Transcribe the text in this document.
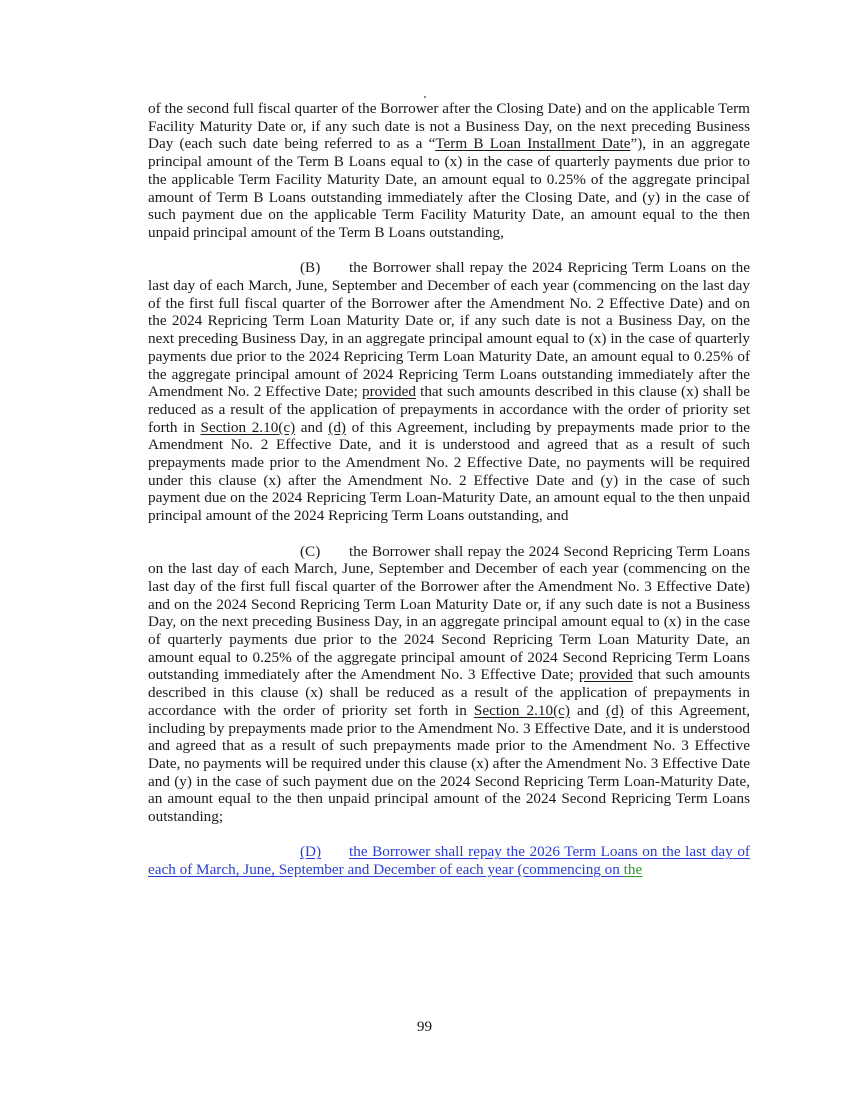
of the second full fiscal quarter of the Borrower after the Closing Date) and on the applicable Term Facility Maturity Date or, if any such date is not a Business Day, on the next preceding Business Day (each such date being referred to as a “Term B Loan Installment Date”), in an aggregate principal amount of the Term B Loans equal to (x) in the case of quarterly payments due prior to the applicable Term Facility Maturity Date, an amount equal to 0.25% of the aggregate principal amount of Term B Loans outstanding immediately after the Closing Date, and (y) in the case of such payment due on the applicable Term Facility Maturity Date, an amount equal to the then unpaid principal amount of the Term B Loans outstanding,

(B) the Borrower shall repay the 2024 Repricing Term Loans on the last day of each March, June, September and December of each year (commencing on the last day of the first full fiscal quarter of the Borrower after the Amendment No. 2 Effective Date) and on the 2024 Repricing Term Loan Maturity Date or, if any such date is not a Business Day, on the next preceding Business Day, in an aggregate principal amount equal to (x) in the case of quarterly payments due prior to the 2024 Repricing Term Loan Maturity Date, an amount equal to 0.25% of the aggregate principal amount of 2024 Repricing Term Loans outstanding immediately after the Amendment No. 2 Effective Date; provided that such amounts described in this clause (x) shall be reduced as a result of the application of prepayments in accordance with the order of priority set forth in Section 2.10(c) and (d) of this Agreement, including by prepayments made prior to the Amendment No. 2 Effective Date, and it is understood and agreed that as a result of such prepayments made prior to the Amendment No. 2 Effective Date, no payments will be required under this clause (x) after the Amendment No. 2 Effective Date and (y) in the case of such payment due on the 2024 Repricing Term Loan-Maturity Date, an amount equal to the then unpaid principal amount of the 2024 Repricing Term Loans outstanding, and

(C) the Borrower shall repay the 2024 Second Repricing Term Loans on the last day of each March, June, September and December of each year (commencing on the last day of the first full fiscal quarter of the Borrower after the Amendment No. 3 Effective Date) and on the 2024 Second Repricing Term Loan Maturity Date or, if any such date is not a Business Day, on the next preceding Business Day, in an aggregate principal amount equal to (x) in the case of quarterly payments due prior to the 2024 Second Repricing Term Loan Maturity Date, an amount equal to 0.25% of the aggregate principal amount of 2024 Second Repricing Term Loans outstanding immediately after the Amendment No. 3 Effective Date; provided that such amounts described in this clause (x) shall be reduced as a result of the application of prepayments in accordance with the order of priority set forth in Section 2.10(c) and (d) of this Agreement, including by prepayments made prior to the Amendment No. 3 Effective Date, and it is understood and agreed that as a result of such prepayments made prior to the Amendment No. 3 Effective Date, no payments will be required under this clause (x) after the Amendment No. 3 Effective Date and (y) in the case of such payment due on the 2024 Second Repricing Term Loan-Maturity Date, an amount equal to the then unpaid principal amount of the 2024 Second Repricing Term Loans outstanding;

(D) the Borrower shall repay the 2026 Term Loans on the last day of each of March, June, September and December of each year (commencing on the

99
